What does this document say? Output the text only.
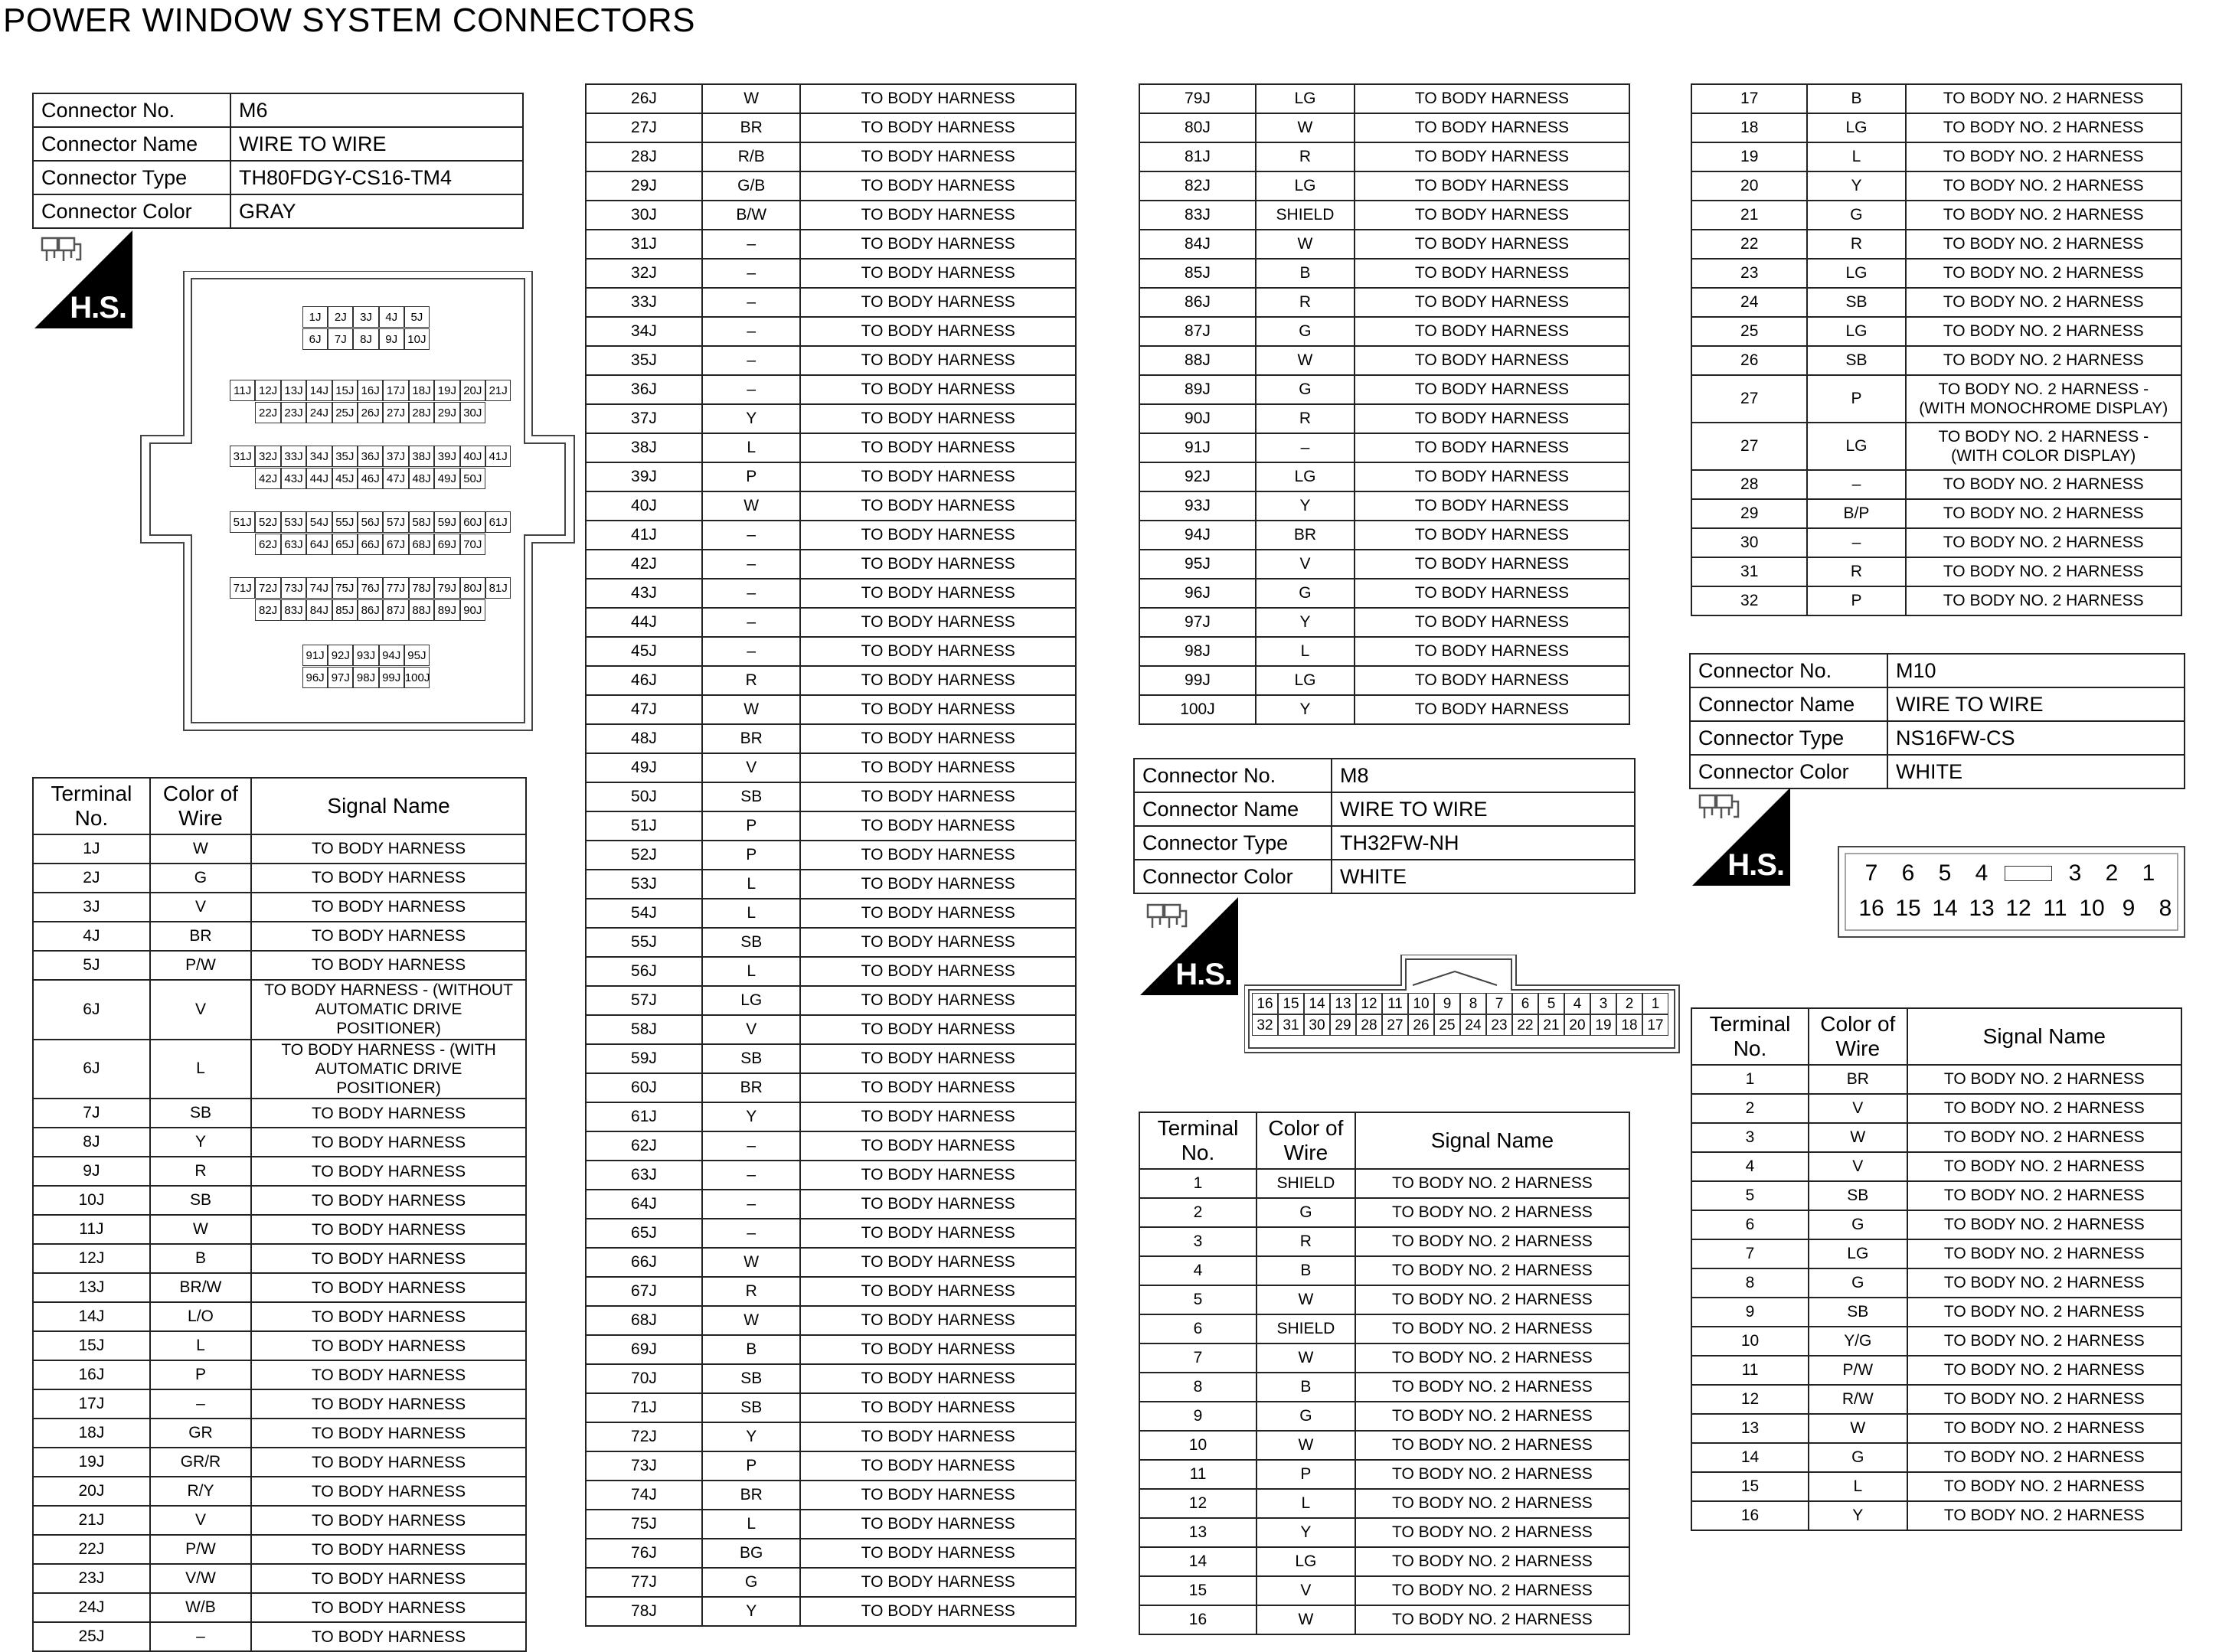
POWER WINDOW SYSTEM CONNECTORS
Connector No.	M6
Connector Name	WIRE TO WIRE
Connector Type	TH80FDGY-CS16-TM4
Connector Color	GRAY
Connector No.	M8
Connector Name	WIRE TO WIRE
Connector Type	TH32FW-NH
Connector Color	WHITE
Connector No.	M10
Connector Name	WIRE TO WIRE
Connector Type	NS16FW-CS
Connector Color	WHITE
H.S.
H.S.
H.S.
Terminal No.	Color of Wire	Signal Name
1J	W	TO BODY HARNESS
2J	G	TO BODY HARNESS
3J	V	TO BODY HARNESS
4J	BR	TO BODY HARNESS
5J	P/W	TO BODY HARNESS
6J	V	TO BODY HARNESS - (WITHOUT AUTOMATIC DRIVE POSITIONER)
6J	L	TO BODY HARNESS - (WITH AUTOMATIC DRIVE POSITIONER)
7J	SB	TO BODY HARNESS
8J	Y	TO BODY HARNESS
9J	R	TO BODY HARNESS
10J	SB	TO BODY HARNESS
11J	W	TO BODY HARNESS
12J	B	TO BODY HARNESS
13J	BR/W	TO BODY HARNESS
14J	L/O	TO BODY HARNESS
15J	L	TO BODY HARNESS
16J	P	TO BODY HARNESS
17J	–	TO BODY HARNESS
18J	GR	TO BODY HARNESS
19J	GR/R	TO BODY HARNESS
20J	R/Y	TO BODY HARNESS
21J	V	TO BODY HARNESS
22J	P/W	TO BODY HARNESS
23J	V/W	TO BODY HARNESS
24J	W/B	TO BODY HARNESS
25J	–	TO BODY HARNESS
26J	W	TO BODY HARNESS
27J	BR	TO BODY HARNESS
28J	R/B	TO BODY HARNESS
29J	G/B	TO BODY HARNESS
30J	B/W	TO BODY HARNESS
31J	–	TO BODY HARNESS
32J	–	TO BODY HARNESS
33J	–	TO BODY HARNESS
34J	–	TO BODY HARNESS
35J	–	TO BODY HARNESS
36J	–	TO BODY HARNESS
37J	Y	TO BODY HARNESS
38J	L	TO BODY HARNESS
39J	P	TO BODY HARNESS
40J	W	TO BODY HARNESS
41J	–	TO BODY HARNESS
42J	–	TO BODY HARNESS
43J	–	TO BODY HARNESS
44J	–	TO BODY HARNESS
45J	–	TO BODY HARNESS
46J	R	TO BODY HARNESS
47J	W	TO BODY HARNESS
48J	BR	TO BODY HARNESS
49J	V	TO BODY HARNESS
50J	SB	TO BODY HARNESS
51J	P	TO BODY HARNESS
52J	P	TO BODY HARNESS
53J	L	TO BODY HARNESS
54J	L	TO BODY HARNESS
55J	SB	TO BODY HARNESS
56J	L	TO BODY HARNESS
57J	LG	TO BODY HARNESS
58J	V	TO BODY HARNESS
59J	SB	TO BODY HARNESS
60J	BR	TO BODY HARNESS
61J	Y	TO BODY HARNESS
62J	–	TO BODY HARNESS
63J	–	TO BODY HARNESS
64J	–	TO BODY HARNESS
65J	–	TO BODY HARNESS
66J	W	TO BODY HARNESS
67J	R	TO BODY HARNESS
68J	W	TO BODY HARNESS
69J	B	TO BODY HARNESS
70J	SB	TO BODY HARNESS
71J	SB	TO BODY HARNESS
72J	Y	TO BODY HARNESS
73J	P	TO BODY HARNESS
74J	BR	TO BODY HARNESS
75J	L	TO BODY HARNESS
76J	BG	TO BODY HARNESS
77J	G	TO BODY HARNESS
78J	Y	TO BODY HARNESS
79J	LG	TO BODY HARNESS
80J	W	TO BODY HARNESS
81J	R	TO BODY HARNESS
82J	LG	TO BODY HARNESS
83J	SHIELD	TO BODY HARNESS
84J	W	TO BODY HARNESS
85J	B	TO BODY HARNESS
86J	R	TO BODY HARNESS
87J	G	TO BODY HARNESS
88J	W	TO BODY HARNESS
89J	G	TO BODY HARNESS
90J	R	TO BODY HARNESS
91J	–	TO BODY HARNESS
92J	LG	TO BODY HARNESS
93J	Y	TO BODY HARNESS
94J	BR	TO BODY HARNESS
95J	V	TO BODY HARNESS
96J	G	TO BODY HARNESS
97J	Y	TO BODY HARNESS
98J	L	TO BODY HARNESS
99J	LG	TO BODY HARNESS
100J	Y	TO BODY HARNESS
Terminal No.	Color of Wire	Signal Name
1	SHIELD	TO BODY NO. 2 HARNESS
2	G	TO BODY NO. 2 HARNESS
3	R	TO BODY NO. 2 HARNESS
4	B	TO BODY NO. 2 HARNESS
5	W	TO BODY NO. 2 HARNESS
6	SHIELD	TO BODY NO. 2 HARNESS
7	W	TO BODY NO. 2 HARNESS
8	B	TO BODY NO. 2 HARNESS
9	G	TO BODY NO. 2 HARNESS
10	W	TO BODY NO. 2 HARNESS
11	P	TO BODY NO. 2 HARNESS
12	L	TO BODY NO. 2 HARNESS
13	Y	TO BODY NO. 2 HARNESS
14	LG	TO BODY NO. 2 HARNESS
15	V	TO BODY NO. 2 HARNESS
16	W	TO BODY NO. 2 HARNESS
17	B	TO BODY NO. 2 HARNESS
18	LG	TO BODY NO. 2 HARNESS
19	L	TO BODY NO. 2 HARNESS
20	Y	TO BODY NO. 2 HARNESS
21	G	TO BODY NO. 2 HARNESS
22	R	TO BODY NO. 2 HARNESS
23	LG	TO BODY NO. 2 HARNESS
24	SB	TO BODY NO. 2 HARNESS
25	LG	TO BODY NO. 2 HARNESS
26	SB	TO BODY NO. 2 HARNESS
27	P	TO BODY NO. 2 HARNESS - (WITH MONOCHROME DISPLAY)
27	LG	TO BODY NO. 2 HARNESS - (WITH COLOR DISPLAY)
28	–	TO BODY NO. 2 HARNESS
29	B/P	TO BODY NO. 2 HARNESS
30	–	TO BODY NO. 2 HARNESS
31	R	TO BODY NO. 2 HARNESS
32	P	TO BODY NO. 2 HARNESS
Terminal No.	Color of Wire	Signal Name
1	BR	TO BODY NO. 2 HARNESS
2	V	TO BODY NO. 2 HARNESS
3	W	TO BODY NO. 2 HARNESS
4	V	TO BODY NO. 2 HARNESS
5	SB	TO BODY NO. 2 HARNESS
6	G	TO BODY NO. 2 HARNESS
7	LG	TO BODY NO. 2 HARNESS
8	G	TO BODY NO. 2 HARNESS
9	SB	TO BODY NO. 2 HARNESS
10	Y/G	TO BODY NO. 2 HARNESS
11	P/W	TO BODY NO. 2 HARNESS
12	R/W	TO BODY NO. 2 HARNESS
13	W	TO BODY NO. 2 HARNESS
14	G	TO BODY NO. 2 HARNESS
15	L	TO BODY NO. 2 HARNESS
16	Y	TO BODY NO. 2 HARNESS
1J	2J	3J	4J	5J
6J	7J	8J	9J 10J
11J 12J 13J 14J 15J 16J 17J 18J 19J 20J 21J
22J 23J 24J 25J 26J 27J 28J 29J 30J
31J 32J 33J 34J 35J 36J 37J 38J 39J 40J 41J
42J 43J 44J 45J 46J 47J 48J 49J 50J
51J 52J 53J 54J 55J 56J 57J 58J 59J 60J 61J
62J 63J 64J 65J 66J 67J 68J 69J 70J
71J 72J 73J 74J 75J 76J 77J 78J 79J 80J 81J
82J 83J 84J 85J 86J 87J 88J 89J 90J
91J 92J 93J 94J 95J
96J 97J 98J 99J 100J
16 15 14 13 12 11 10 9	8	7	6	5	4	3	2	1
32 31 30 29 28 27 26 25 24 23 22 21 20 19 18 17
7	6	5	4	3	2	1
16 15 14 13 12 11 10 9	8
